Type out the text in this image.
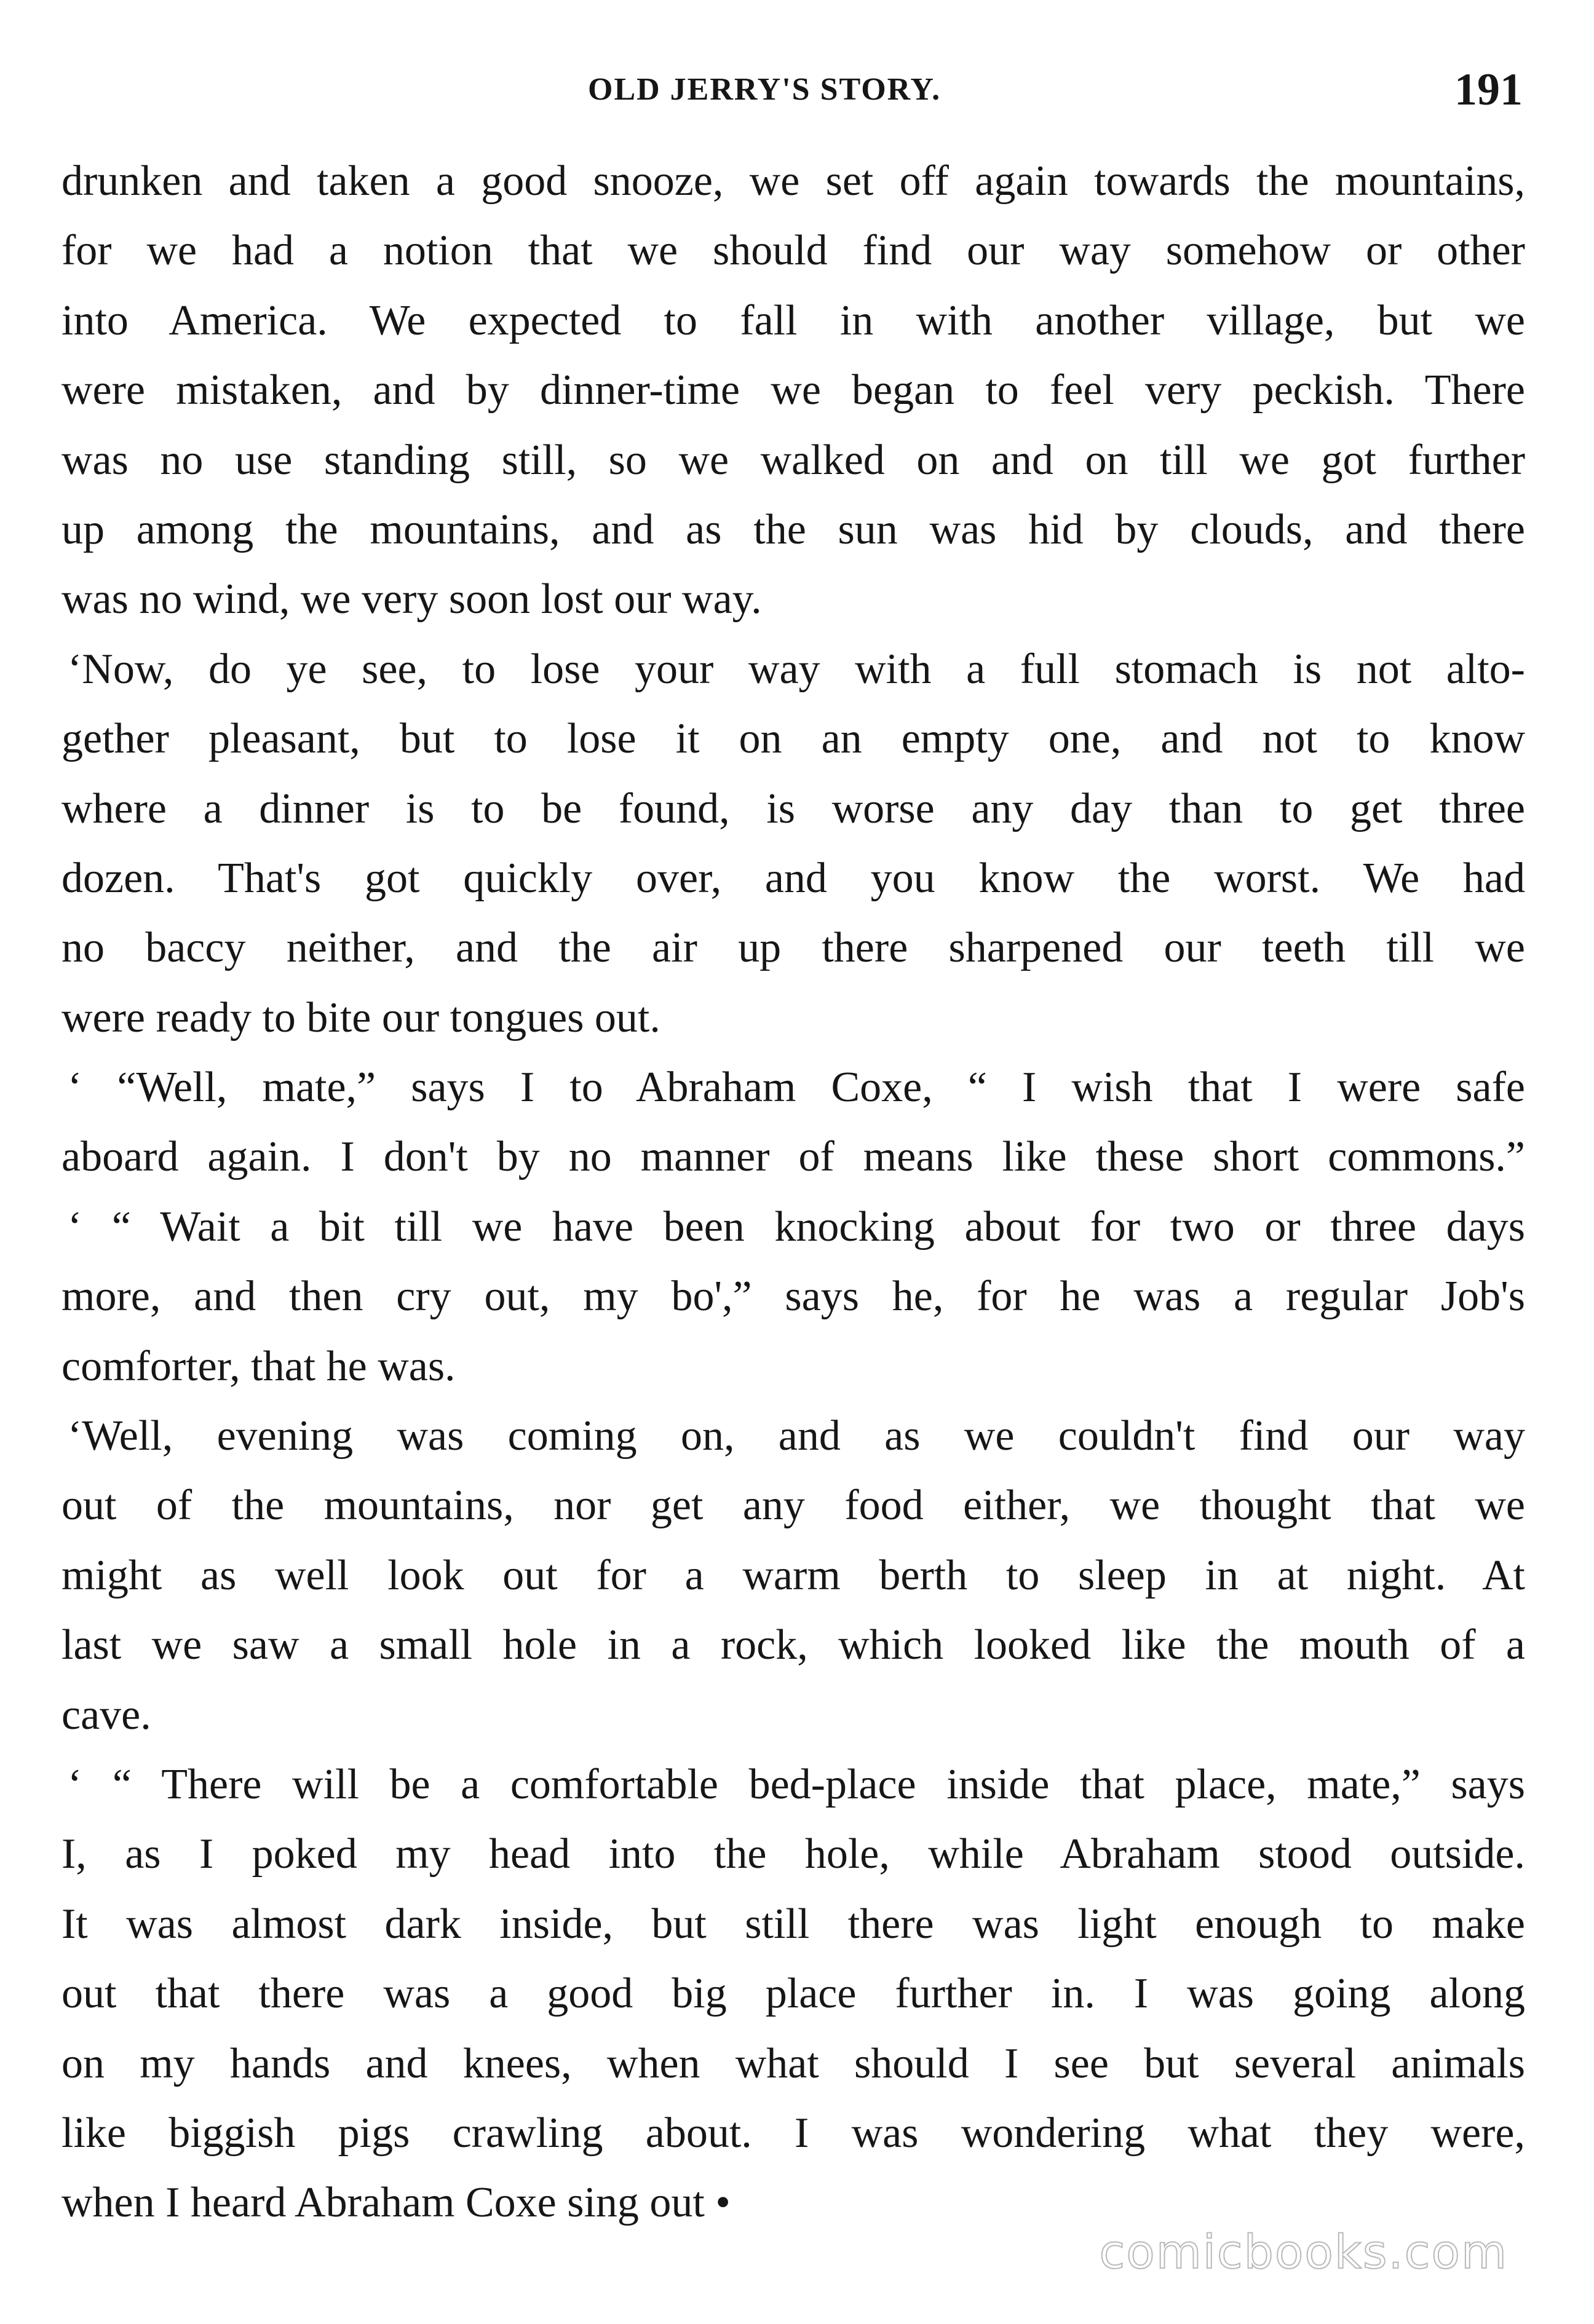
OLD JERRY'S STORY.	191

drunken and taken a good snooze, we set off again towards the mountains,
for we had a notion that we should find our way somehow or other
into America. We expected to fall in with another village, but we
were mistaken, and by dinner-time we began to feel very peckish. There
was no use standing still, so we walked on and on till we got further
up among the mountains, and as the sun was hid by clouds, and there
was no wind, we very soon lost our way.

‘Now, do ye see, to lose your way with a full stomach is not alto-
gether pleasant, but to lose it on an empty one, and not to know
where a dinner is to be found, is worse any day than to get three
dozen. That's got quickly over, and you know the worst. We had
no baccy neither, and the air up there sharpened our teeth till we
were ready to bite our tongues out.

‘ “Well, mate,” says I to Abraham Coxe, “ I wish that I were safe
aboard again. I don't by no manner of means like these short commons.”

‘ “ Wait a bit till we have been knocking about for two or three days
more, and then cry out, my bo',” says he, for he was a regular Job's
comforter, that he was.

‘Well, evening was coming on, and as we couldn't find our way
out of the mountains, nor get any food either, we thought that we
might as well look out for a warm berth to sleep in at night. At
last we saw a small hole in a rock, which looked like the mouth of a
cave.

‘ “ There will be a comfortable bed-place inside that place, mate,” says
I, as I poked my head into the hole, while Abraham stood outside.
It was almost dark inside, but still there was light enough to make
out that there was a good big place further in. I was going along
on my hands and knees, when what should I see but several animals
like biggish pigs crawling about. I was wondering what they were,
when I heard Abraham Coxe sing out •

comicbooks.com
